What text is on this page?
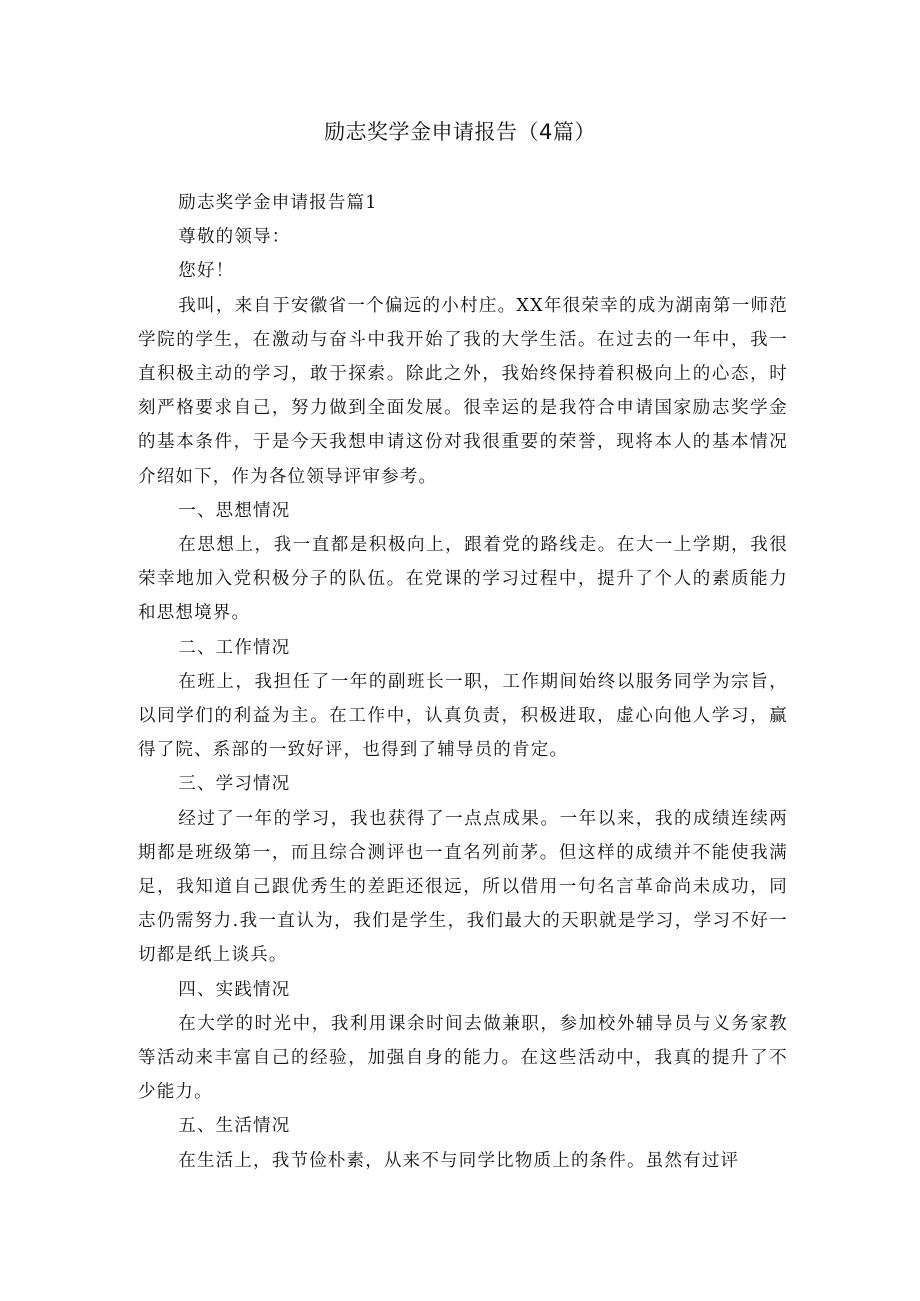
励志奖学金申请报告（4篇）

励志奖学金申请报告篇1

尊敬的领导：

您好！

我叫，来自于安徽省一个偏远的小村庄。XX年很荣幸的成为湖南第一师范学院的学生，在激动与奋斗中我开始了我的大学生活。在过去的一年中，我一直积极主动的学习，敢于探索。除此之外，我始终保持着积极向上的心态，时刻严格要求自己，努力做到全面发展。很幸运的是我符合申请国家励志奖学金的基本条件，于是今天我想申请这份对我很重要的荣誉，现将本人的基本情况介绍如下，作为各位领导评审参考。

一、思想情况

在思想上，我一直都是积极向上，跟着党的路线走。在大一上学期，我很荣幸地加入党积极分子的队伍。在党课的学习过程中，提升了个人的素质能力和思想境界。

二、工作情况

在班上，我担任了一年的副班长一职，工作期间始终以服务同学为宗旨，以同学们的利益为主。在工作中，认真负责，积极进取，虚心向他人学习，赢得了院、系部的一致好评，也得到了辅导员的肯定。

三、学习情况

经过了一年的学习，我也获得了一点点成果。一年以来，我的成绩连续两期都是班级第一，而且综合测评也一直名列前茅。但这样的成绩并不能使我满足，我知道自己跟优秀生的差距还很远，所以借用一句名言革命尚未成功，同志仍需努力.我一直认为，我们是学生，我们最大的天职就是学习，学习不好一切都是纸上谈兵。

四、实践情况

在大学的时光中，我利用课余时间去做兼职，参加校外辅导员与义务家教等活动来丰富自己的经验，加强自身的能力。在这些活动中，我真的提升了不少能力。

五、生活情况

在生活上，我节俭朴素，从来不与同学比物质上的条件。虽然有过评
